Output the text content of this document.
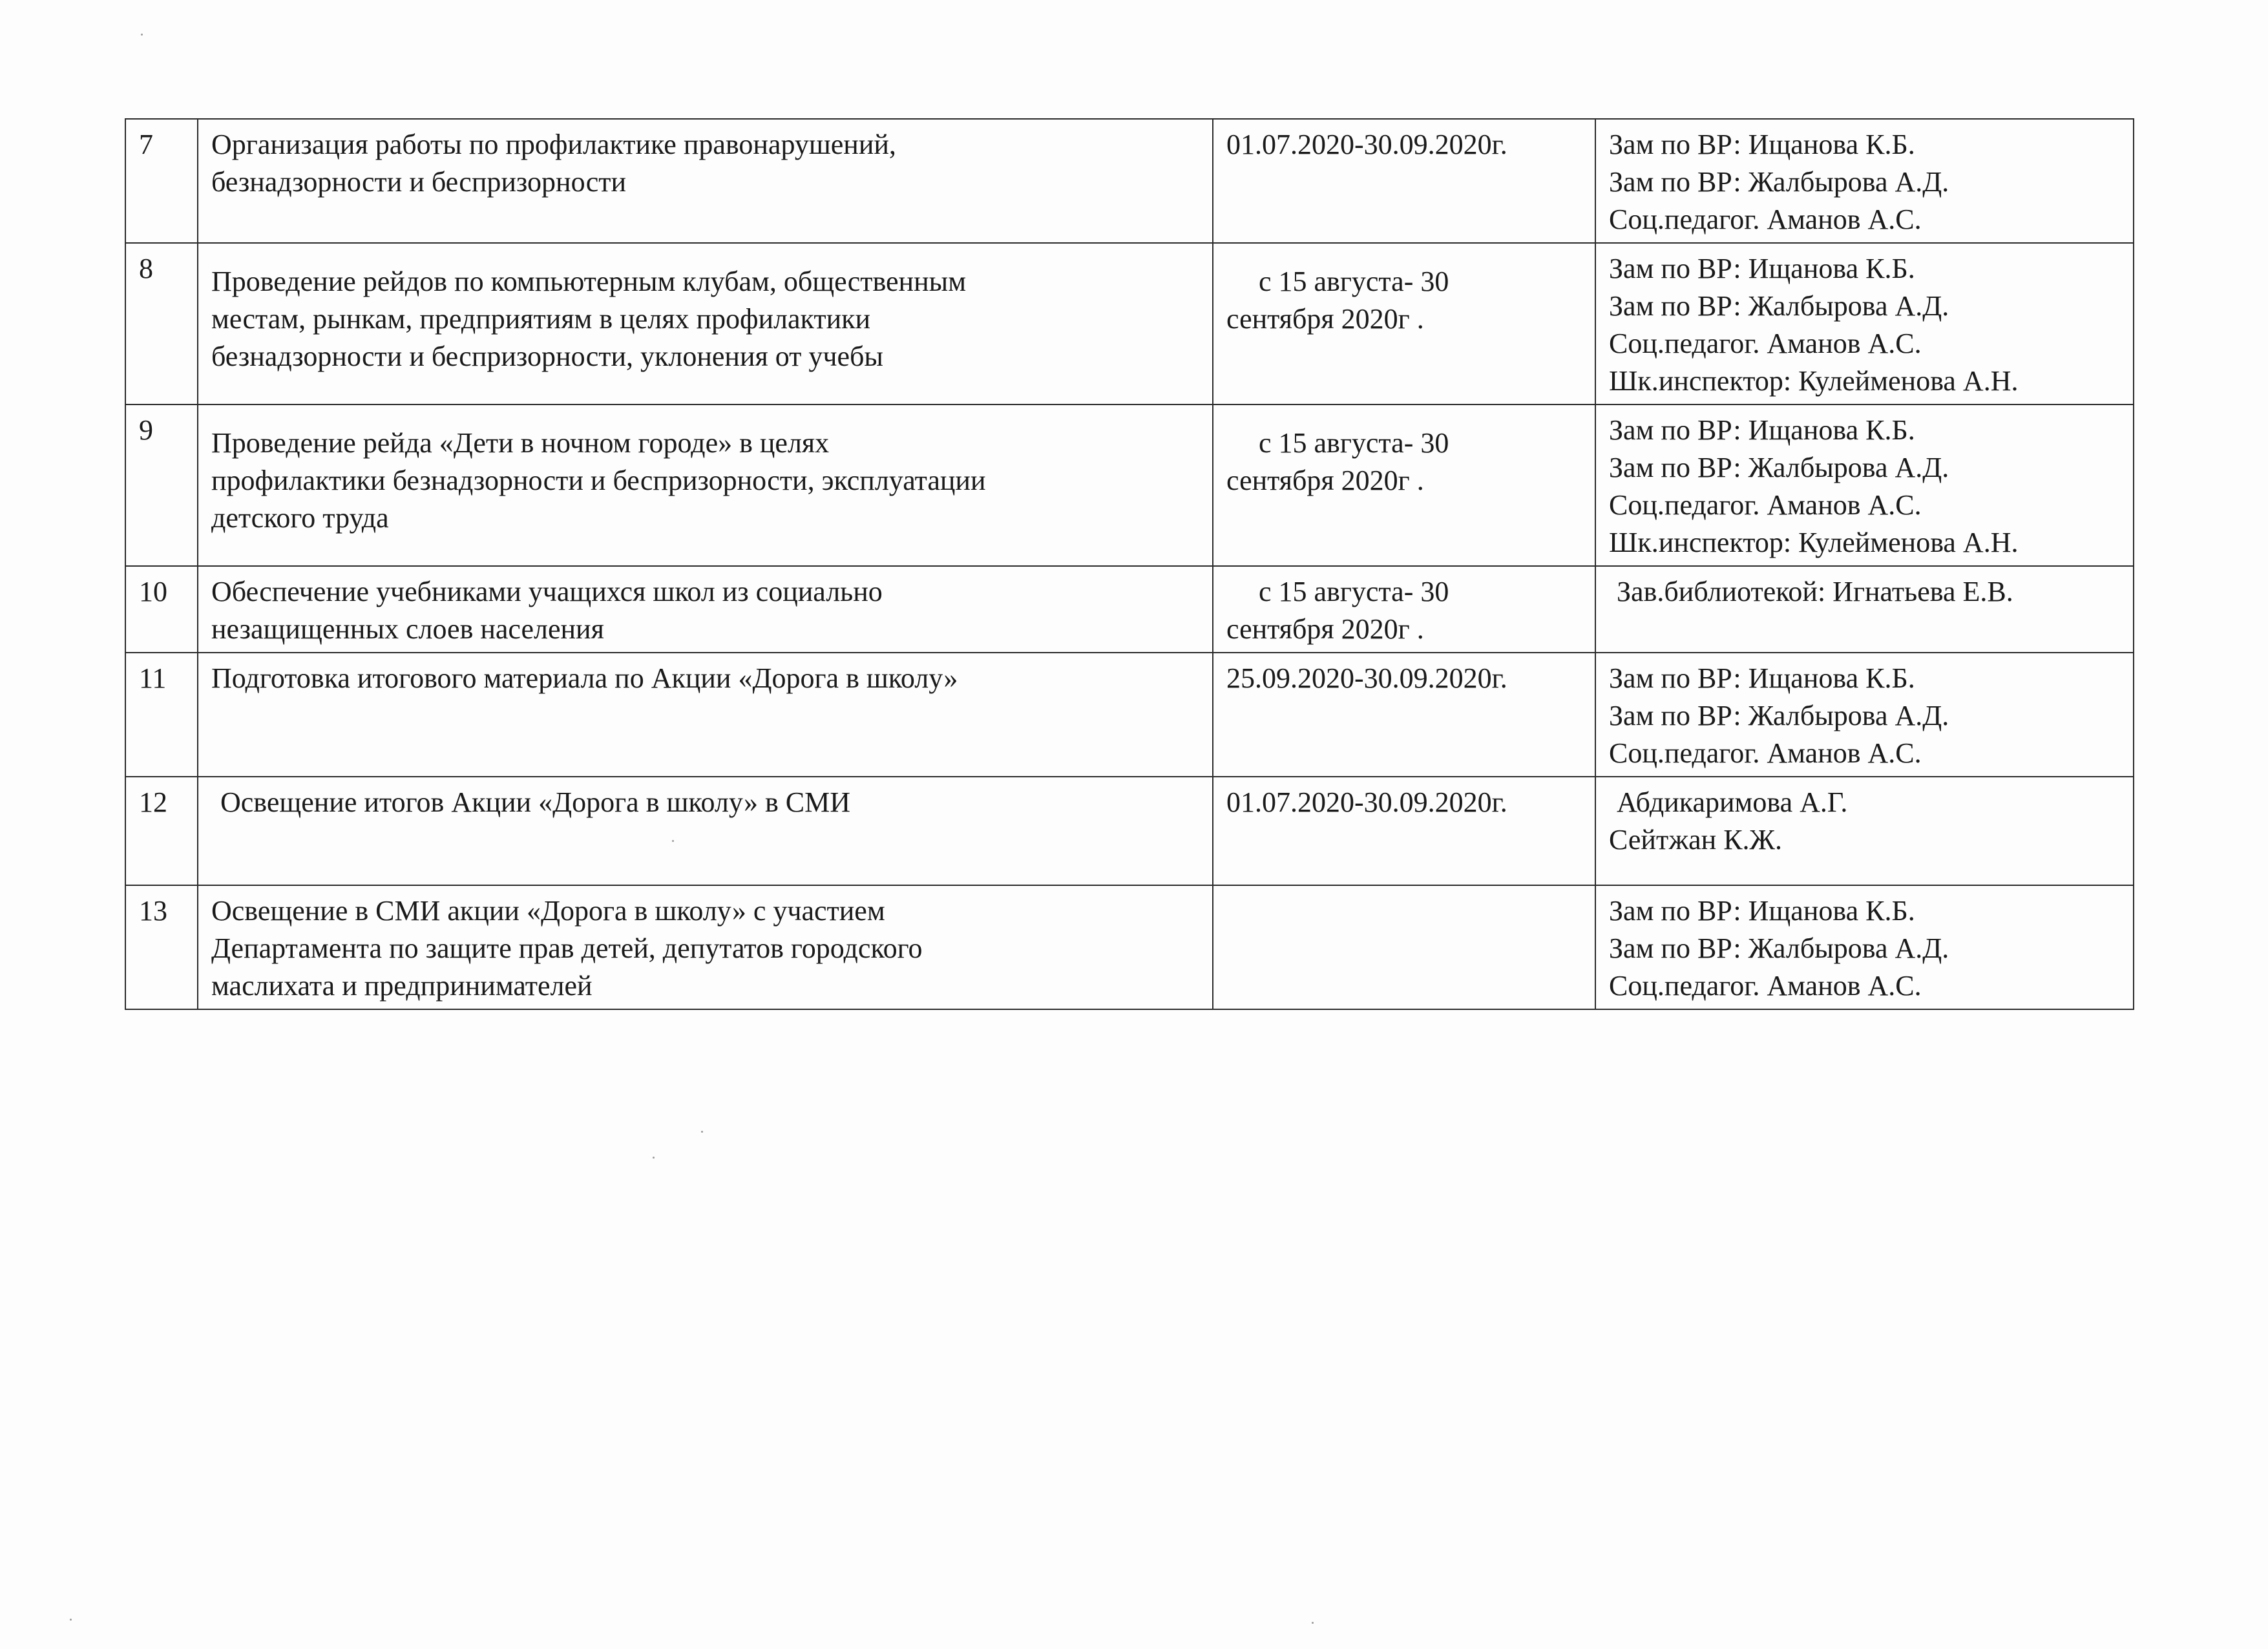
7	Организация работы по профилактике правонарушений,
безнадзорности и беспризорности	01.07.2020-30.09.2020г.	Зам по ВР: Ищанова К.Б.
Зам по ВР: Жалбырова А.Д.
Соц.педагог. Аманов А.С.

8	Проведение рейдов по компьютерным клубам, общественным
местам, рынкам, предприятиям в целях профилактики
безнадзорности и беспризорности, уклонения от учебы	с 15 августа- 30
сентября 2020г .	Зам по ВР: Ищанова К.Б.
Зам по ВР: Жалбырова А.Д.
Соц.педагог. Аманов А.С.
Шк.инспектор: Кулейменова А.Н.

9	Проведение рейда «Дети в ночном городе» в целях
профилактики безнадзорности и беспризорности, эксплуатации
детского труда	с 15 августа- 30
сентября 2020г .	Зам по ВР: Ищанова К.Б.
Зам по ВР: Жалбырова А.Д.
Соц.педагог. Аманов А.С.
Шк.инспектор: Кулейменова А.Н.

10	Обеспечение учебниками учащихся школ из социально
незащищенных слоев населения	с 15 августа- 30
сентября 2020г .	Зав.библиотекой: Игнатьева Е.В.

11	Подготовка итогового материала по Акции «Дорога в школу»	25.09.2020-30.09.2020г.	Зам по ВР: Ищанова К.Б.
Зам по ВР: Жалбырова А.Д.
Соц.педагог. Аманов А.С.

12	Освещение итогов Акции «Дорога в школу» в СМИ	01.07.2020-30.09.2020г.	Абдикаримова А.Г.
Сейтжан К.Ж.

13	Освещение в СМИ акции «Дорога в школу» с участием
Департамента по защите прав детей, депутатов городского
маслихата и предпринимателей		Зам по ВР: Ищанова К.Б.
Зам по ВР: Жалбырова А.Д.
Соц.педагог. Аманов А.С.
